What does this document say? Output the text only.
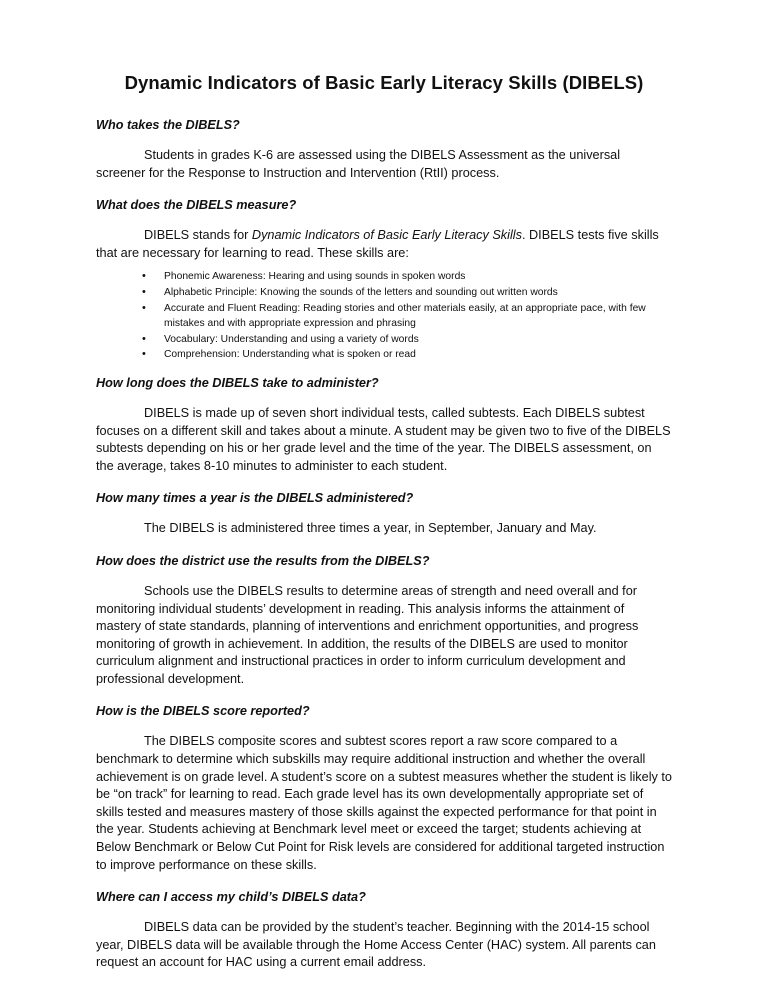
Dynamic Indicators of Basic Early Literacy Skills (DIBELS)
Who takes the DIBELS?
Students in grades K-6 are assessed using the DIBELS Assessment as the universal screener for the Response to Instruction and Intervention (RtII) process.
What does the DIBELS measure?
DIBELS stands for Dynamic Indicators of Basic Early Literacy Skills. DIBELS tests five skills that are necessary for learning to read. These skills are:
• Phonemic Awareness: Hearing and using sounds in spoken words
• Alphabetic Principle: Knowing the sounds of the letters and sounding out written words
• Accurate and Fluent Reading: Reading stories and other materials easily, at an appropriate pace, with few mistakes and with appropriate expression and phrasing
• Vocabulary: Understanding and using a variety of words
• Comprehension: Understanding what is spoken or read
How long does the DIBELS take to administer?
DIBELS is made up of seven short individual tests, called subtests. Each DIBELS subtest focuses on a different skill and takes about a minute. A student may be given two to five of the DIBELS subtests depending on his or her grade level and the time of the year. The DIBELS assessment, on the average, takes 8-10 minutes to administer to each student.
How many times a year is the DIBELS administered?
The DIBELS is administered three times a year, in September, January and May.
How does the district use the results from the DIBELS?
Schools use the DIBELS results to determine areas of strength and need overall and for monitoring individual students’ development in reading. This analysis informs the attainment of mastery of state standards, planning of interventions and enrichment opportunities, and progress monitoring of growth in achievement. In addition, the results of the DIBELS are used to monitor curriculum alignment and instructional practices in order to inform curriculum development and professional development.
How is the DIBELS score reported?
The DIBELS composite scores and subtest scores report a raw score compared to a benchmark to determine which subskills may require additional instruction and whether the overall achievement is on grade level. A student’s score on a subtest measures whether the student is likely to be “on track” for learning to read. Each grade level has its own developmentally appropriate set of skills tested and measures mastery of those skills against the expected performance for that point in the year. Students achieving at Benchmark level meet or exceed the target; students achieving at Below Benchmark or Below Cut Point for Risk levels are considered for additional targeted instruction to improve performance on these skills.
Where can I access my child’s DIBELS data?
DIBELS data can be provided by the student’s teacher. Beginning with the 2014-15 school year, DIBELS data will be available through the Home Access Center (HAC) system. All parents can request an account for HAC using a current email address.
